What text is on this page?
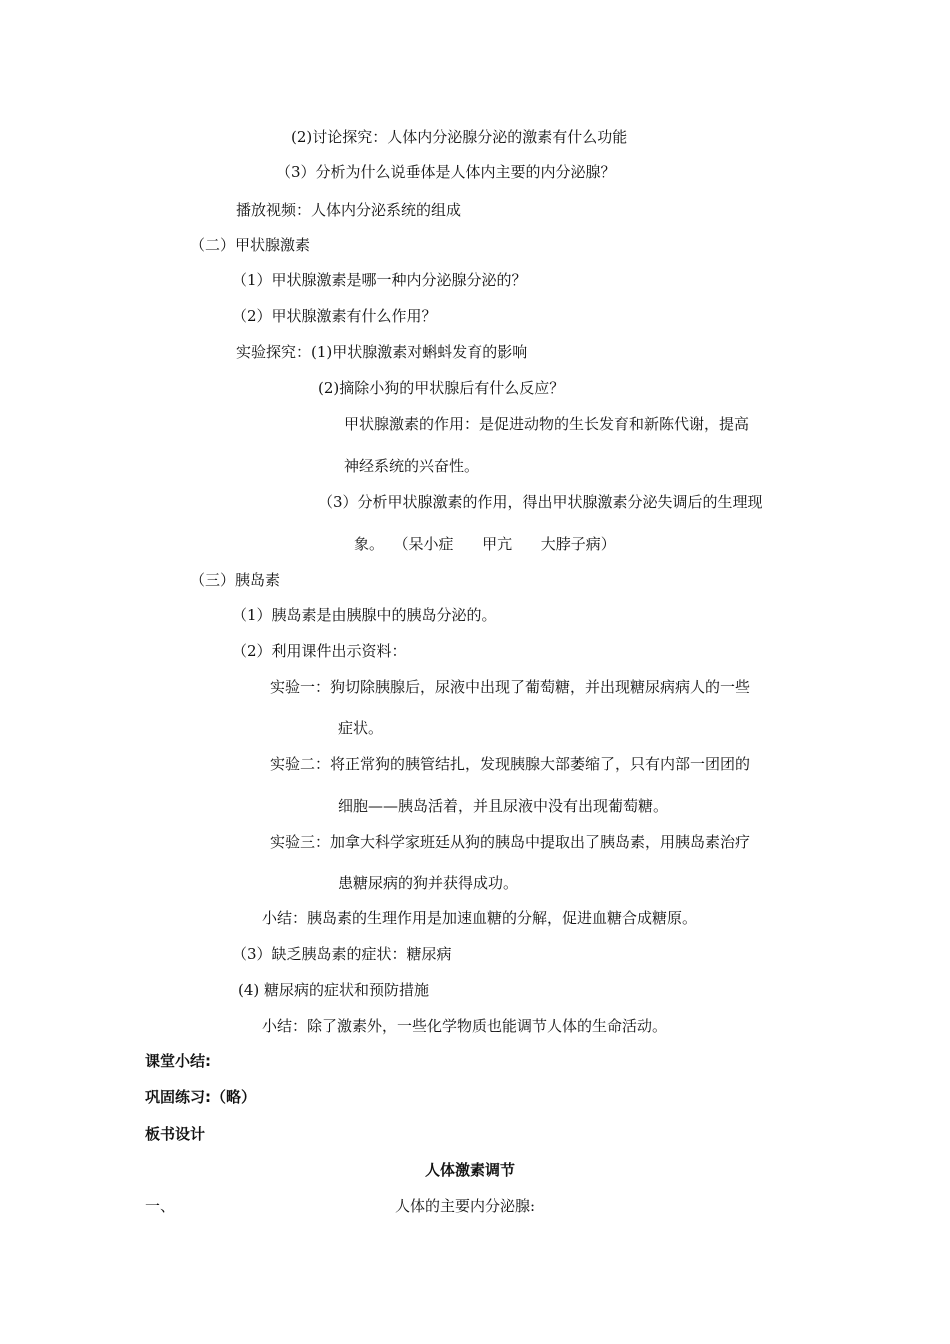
(2)讨论探究：人体内分泌腺分泌的激素有什么功能
（3）分析为什么说垂体是人体内主要的内分泌腺？
播放视频：人体内分泌系统的组成
（二）甲状腺激素
（1）甲状腺激素是哪一种内分泌腺分泌的？
（2）甲状腺激素有什么作用？
实验探究：(1)甲状腺激素对蝌蚪发育的影响
(2)摘除小狗的甲状腺后有什么反应？
甲状腺激素的作用：是促进动物的生长发育和新陈代谢，提高
神经系统的兴奋性。
（3）分析甲状腺激素的作用，得出甲状腺激素分泌失调后的生理现
象。  （呆小症      甲亢      大脖子病）
（三）胰岛素
（1）胰岛素是由胰腺中的胰岛分泌的。
（2）利用课件出示资料：
实验一：狗切除胰腺后，尿液中出现了葡萄糖，并出现糖尿病病人的一些
症状。
实验二：将正常狗的胰管结扎，发现胰腺大部萎缩了，只有内部一团团的
细胞——胰岛活着，并且尿液中没有出现葡萄糖。
实验三：加拿大科学家班廷从狗的胰岛中提取出了胰岛素，用胰岛素治疗
患糖尿病的狗并获得成功。
小结：胰岛素的生理作用是加速血糖的分解，促进血糖合成糖原。
（3）缺乏胰岛素的症状：糖尿病
(4) 糖尿病的症状和预防措施
小结：除了激素外，一些化学物质也能调节人体的生命活动。
课堂小结:
巩固练习:（略）
板书设计
人体激素调节
一、	人体的主要内分泌腺:
